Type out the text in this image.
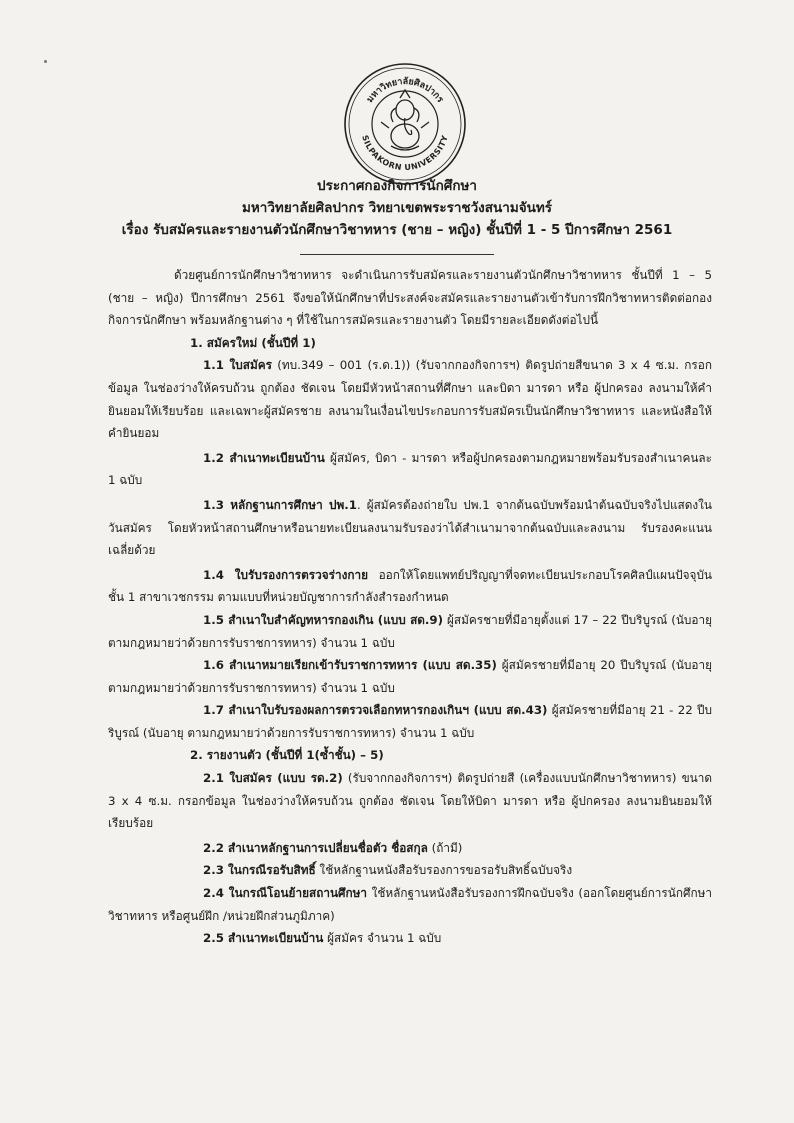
มหาวิทยาลัยศิลปากร
SILPAKORN UNIVERSITY
ประกาศกองกิจการนักศึกษา
มหาวิทยาลัยศิลปากร วิทยาเขตพระราชวังสนามจันทร์
เรื่อง รับสมัครและรายงานตัวนักศึกษาวิชาทหาร (ชาย – หญิง) ชั้นปีที่ 1 - 5 ปีการศึกษา 2561
ด้วยศูนย์การนักศึกษาวิชาทหาร จะดำเนินการรับสมัครและรายงานตัวนักศึกษาวิชาทหาร ชั้นปีที่ 1 – 5 (ชาย – หญิง) ปีการศึกษา 2561 จึงขอให้นักศึกษาที่ประสงค์จะสมัครและรายงานตัวเข้ารับการฝึกวิชาทหารติดต่อกองกิจการนักศึกษา พร้อมหลักฐานต่าง ๆ ที่ใช้ในการสมัครและรายงานตัว โดยมีรายละเอียดดังต่อไปนี้
1. สมัครใหม่ (ชั้นปีที่ 1)
1.1 ใบสมัคร (ทบ.349 – 001 (ร.ด.1)) (รับจากกองกิจการฯ) ติดรูปถ่ายสีขนาด 3 x 4 ซ.ม. กรอกข้อมูล ในช่องว่างให้ครบถ้วน ถูกต้อง ชัดเจน โดยมีหัวหน้าสถานที่ศึกษา และบิดา มารดา หรือ ผู้ปกครอง ลงนามให้คำยินยอมให้เรียบร้อย และเฉพาะผู้สมัครชาย ลงนามในเงื่อนไขประกอบการรับสมัครเป็นนักศึกษาวิชาทหาร และหนังสือให้คำยินยอม
1.2 สำเนาทะเบียนบ้าน ผู้สมัคร, บิดา - มารดา หรือผู้ปกครองตามกฎหมายพร้อมรับรองสำเนาคนละ 1 ฉบับ
1.3 หลักฐานการศึกษา ปพ.1. ผู้สมัครต้องถ่ายใบ ปพ.1 จากต้นฉบับพร้อมนำต้นฉบับจริงไปแสดงในวันสมัคร โดยหัวหน้าสถานศึกษาหรือนายทะเบียนลงนามรับรองว่าได้สำเนามาจากต้นฉบับและลงนาม รับรองคะแนนเฉลี่ยด้วย
1.4 ใบรับรองการตรวจร่างกาย ออกให้โดยแพทย์ปริญญาที่จดทะเบียนประกอบโรคศิลป์แผนปัจจุบันชั้น 1 สาขาเวชกรรม ตามแบบที่หน่วยบัญชาการกำลังสำรองกำหนด
1.5 สำเนาใบสำคัญทหารกองเกิน (แบบ สด.9) ผู้สมัครชายที่มีอายุตั้งแต่ 17 – 22 ปีบริบูรณ์ (นับอายุ ตามกฎหมายว่าด้วยการรับราชการทหาร) จำนวน 1 ฉบับ
1.6 สำเนาหมายเรียกเข้ารับราชการทหาร (แบบ สด.35) ผู้สมัครชายที่มีอายุ 20 ปีบริบูรณ์ (นับอายุ ตามกฎหมายว่าด้วยการรับราชการทหาร) จำนวน 1 ฉบับ
1.7 สำเนาใบรับรองผลการตรวจเลือกทหารกองเกินฯ (แบบ สด.43) ผู้สมัครชายที่มีอายุ 21 - 22 ปีบริบูรณ์ (นับอายุ ตามกฎหมายว่าด้วยการรับราชการทหาร) จำนวน 1 ฉบับ
2. รายงานตัว (ชั้นปีที่ 1(ซ้ำชั้น) – 5)
2.1 ใบสมัคร (แบบ รด.2) (รับจากกองกิจการฯ) ติดรูปถ่ายสี (เครื่องแบบนักศึกษาวิชาทหาร) ขนาด 3 x 4 ซ.ม. กรอกข้อมูล ในช่องว่างให้ครบถ้วน ถูกต้อง ชัดเจน โดยให้บิดา มารดา หรือ ผู้ปกครอง ลงนามยินยอมให้เรียบร้อย
2.2 สำเนาหลักฐานการเปลี่ยนชื่อตัว ชื่อสกุล (ถ้ามี)
2.3 ในกรณีรอรับสิทธิ์ ใช้หลักฐานหนังสือรับรองการขอรอรับสิทธิ์ฉบับจริง
2.4 ในกรณีโอนย้ายสถานศึกษา ใช้หลักฐานหนังสือรับรองการฝึกฉบับจริง (ออกโดยศูนย์การนักศึกษาวิชาทหาร หรือศูนย์ฝึก /หน่วยฝึกส่วนภูมิภาค)
2.5 สำเนาทะเบียนบ้าน ผู้สมัคร จำนวน 1 ฉบับ
